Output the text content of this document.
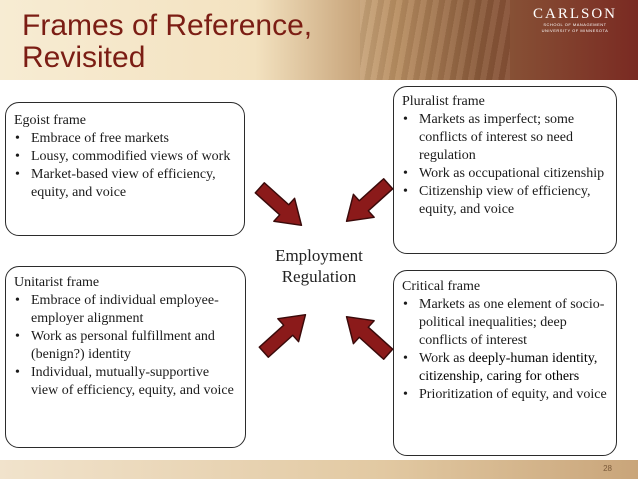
Frames of Reference,
Revisited
CARLSON
SCHOOL OF MANAGEMENT
UNIVERSITY OF MINNESOTA
Egoist frame
• Embrace of free markets
• Lousy, commodified views of work
• Market-based view of efficiency, equity, and voice
Pluralist frame
• Markets as imperfect; some conflicts of interest so need regulation
• Work as occupational citizenship
• Citizenship view of efficiency, equity, and voice
Unitarist frame
• Embrace of individual employee-employer alignment
• Work as personal fulfillment and (benign?) identity
• Individual, mutually-supportive view of efficiency, equity, and voice
Critical frame
• Markets as one element of socio-political inequalities; deep conflicts of interest
• Work as deeply-human identity, citizenship, caring for others
• Prioritization of equity, and voice
Employment
Regulation
28
